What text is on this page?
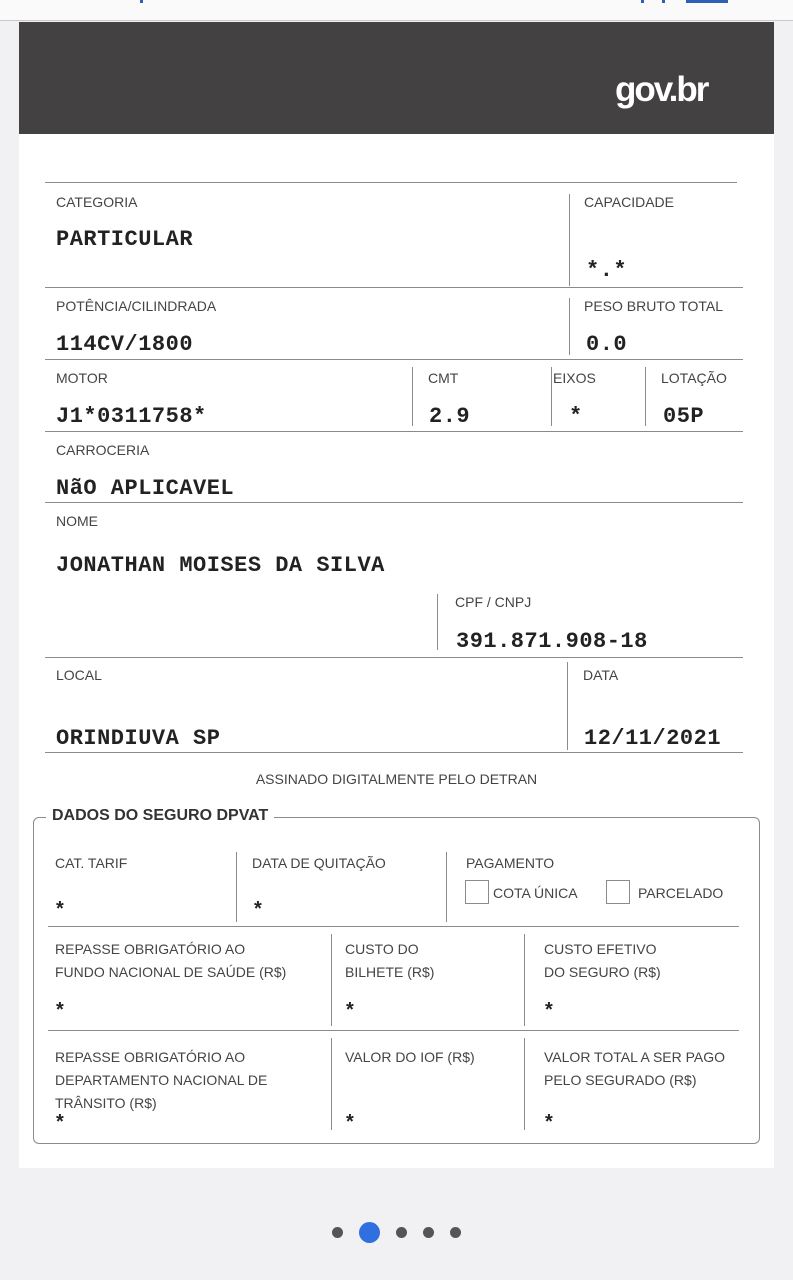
gov.br
CATEGORIA
PARTICULAR
CAPACIDADE
*.*
POTÊNCIA/CILINDRADA
114CV/1800
PESO BRUTO TOTAL
0.0
MOTOR
J1*0311758*
CMT
2.9
EIXOS
*
LOTAÇÃO
05P
CARROCERIA
NãO APLICAVEL
NOME
JONATHAN MOISES DA SILVA
CPF / CNPJ
391.871.908-18
LOCAL
ORINDIUVA SP
DATA
12/11/2021
ASSINADO DIGITALMENTE PELO DETRAN
DADOS DO SEGURO DPVAT
CAT. TARIF
*
DATA DE QUITAÇÃO
*
PAGAMENTO
COTA ÚNICA	PARCELADO
REPASSE OBRIGATÓRIO AO
FUNDO NACIONAL DE SAÚDE (R$)
*
CUSTO DO
BILHETE (R$)
*
CUSTO EFETIVO
DO SEGURO (R$)
*
REPASSE OBRIGATÓRIO AO
DEPARTAMENTO NACIONAL DE
TRÂNSITO (R$)
*
VALOR DO IOF (R$)
*
VALOR TOTAL A SER PAGO
PELO SEGURADO (R$)
*
